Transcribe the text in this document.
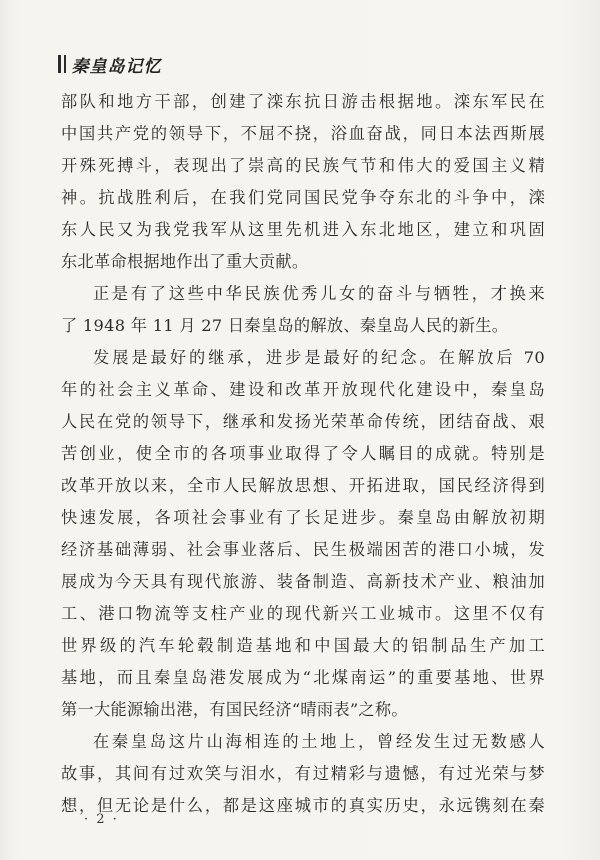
秦皇岛记忆
部队和地方干部，创建了滦东抗日游击根据地。滦东军民在
中国共产党的领导下，不屈不挠，浴血奋战，同日本法西斯展
开殊死搏斗，表现出了崇高的民族气节和伟大的爱国主义精
神。抗战胜利后，在我们党同国民党争夺东北的斗争中，滦
东人民又为我党我军从这里先机进入东北地区，建立和巩固
东北革命根据地作出了重大贡献。
正是有了这些中华民族优秀儿女的奋斗与牺牲，才换来
了 1948 年 11 月 27 日秦皇岛的解放、秦皇岛人民的新生。
发展是最好的继承，进步是最好的纪念。在解放后 70
年的社会主义革命、建设和改革开放现代化建设中，秦皇岛
人民在党的领导下，继承和发扬光荣革命传统，团结奋战、艰
苦创业，使全市的各项事业取得了令人瞩目的成就。特别是
改革开放以来，全市人民解放思想、开拓进取，国民经济得到
快速发展，各项社会事业有了长足进步。秦皇岛由解放初期
经济基础薄弱、社会事业落后、民生极端困苦的港口小城，发
展成为今天具有现代旅游、装备制造、高新技术产业、粮油加
工、港口物流等支柱产业的现代新兴工业城市。这里不仅有
世界级的汽车轮毂制造基地和中国最大的铝制品生产加工
基地，而且秦皇岛港发展成为“北煤南运”的重要基地、世界
第一大能源输出港，有国民经济“晴雨表”之称。
在秦皇岛这片山海相连的土地上，曾经发生过无数感人
故事，其间有过欢笑与泪水，有过精彩与遗憾，有过光荣与梦
想，但无论是什么，都是这座城市的真实历史，永远镌刻在秦
· 2 ·
